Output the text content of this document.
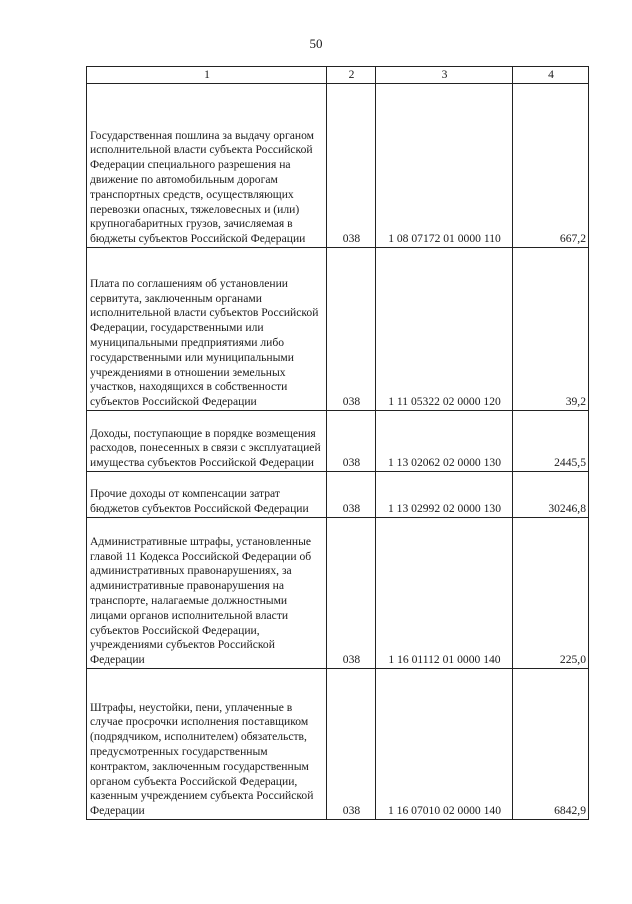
50
1	2	3	4
Государственная пошлина за выдачу органом исполнительной власти субъекта Российской Федерации специального разрешения на движение по автомобильным дорогам транспортных средств, осуществляющих перевозки опасных, тяжеловесных и (или) крупногабаритных грузов, зачисляемая в бюджеты субъектов Российской Федерации	038	1 08 07172 01 0000 110	667,2
Плата по соглашениям об установлении сервитута, заключенным органами исполнительной власти субъектов Российской Федерации, государственными или муниципальными предприятиями либо государственными или муниципальными учреждениями в отношении земельных участков, находящихся в собственности субъектов Российской Федерации	038	1 11 05322 02 0000 120	39,2
Доходы, поступающие в порядке возмещения расходов, понесенных в связи с эксплуатацией имущества субъектов Российской Федерации	038	1 13 02062 02 0000 130	2445,5
Прочие доходы от компенсации затрат бюджетов субъектов Российской Федерации	038	1 13 02992 02 0000 130	30246,8
Административные штрафы, установленные главой 11 Кодекса Российской Федерации об административных правонарушениях, за административные правонарушения на транспорте, налагаемые должностными лицами органов исполнительной власти субъектов Российской Федерации, учреждениями субъектов Российской Федерации	038	1 16 01112 01 0000 140	225,0
Штрафы, неустойки, пени, уплаченные в случае просрочки исполнения поставщиком (подрядчиком, исполнителем) обязательств, предусмотренных государственным контрактом, заключенным государственным органом субъекта Российской Федерации, казенным учреждением субъекта Российской Федерации	038	1 16 07010 02 0000 140	6842,9
